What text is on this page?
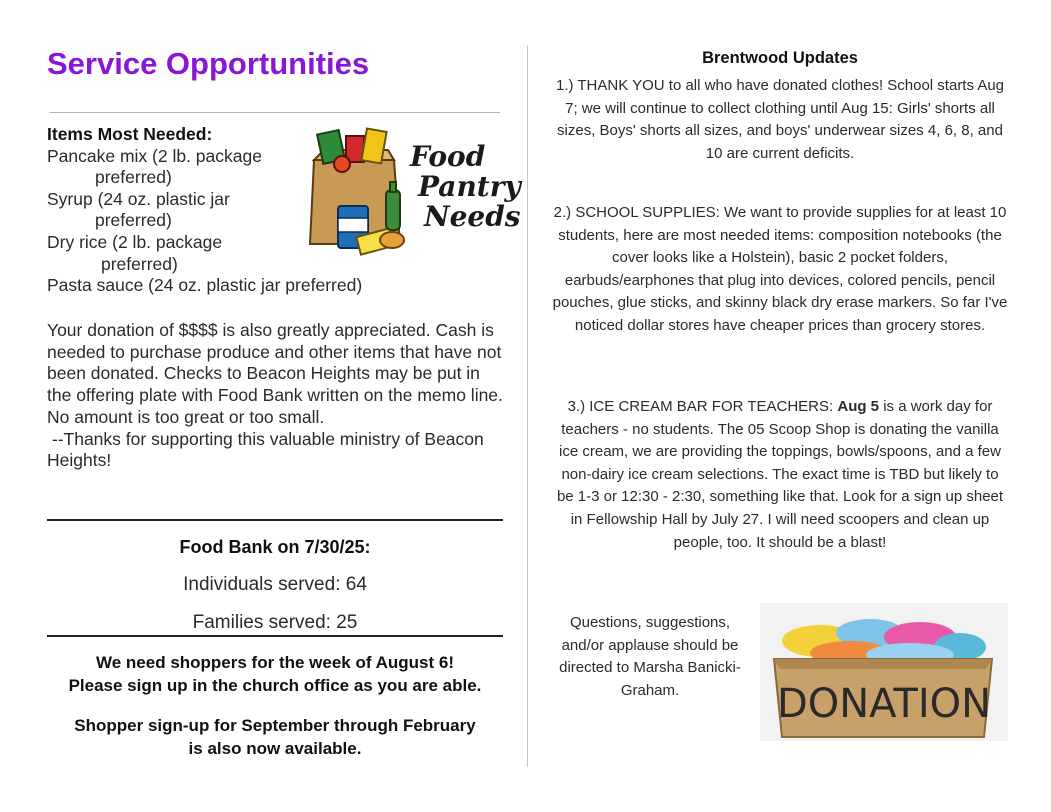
Service Opportunities
Items Most Needed:
Pancake mix (2 lb. package
preferred)
Syrup (24 oz. plastic jar
preferred)
Dry rice (2 lb. package
preferred)
Pasta sauce (24 oz. plastic jar preferred)
Food
Pantry
Needs
Your donation of $$$$ is also greatly appreciated. Cash is needed to purchase produce and other items that have not been donated. Checks to Beacon Heights may be put in the offering plate with Food Bank written on the memo line. No amount is too great or too small.
--Thanks for supporting this valuable ministry of Beacon Heights!
Food Bank on 7/30/25:
Individuals served: 64
Families served: 25
We need shoppers for the week of August 6!
Please sign up in the church office as you are able.
Shopper sign-up for September through February
is also now available.
Brentwood Updates
1.) THANK YOU to all who have donated clothes! School starts Aug 7; we will continue to collect clothing until Aug 15: Girls' shorts all sizes, Boys' shorts all sizes, and boys' underwear sizes 4, 6, 8, and 10 are current deficits.
2.) SCHOOL SUPPLIES: We want to provide supplies for at least 10 students, here are most needed items: composition notebooks (the cover looks like a Holstein), basic 2 pocket folders, earbuds/earphones that plug into devices, colored pencils, pencil pouches, glue sticks, and skinny black dry erase markers. So far I've noticed dollar stores have cheaper prices than grocery stores.
3.) ICE CREAM BAR FOR TEACHERS: Aug 5 is a work day for teachers - no students. The 05 Scoop Shop is donating the vanilla ice cream, we are providing the toppings, bowls/spoons, and a few non-dairy ice cream selections. The exact time is TBD but likely to be 1-3 or 12:30 - 2:30, something like that. Look for a sign up sheet in Fellowship Hall by July 27. I will need scoopers and clean up people, too. It should be a blast!
Questions, suggestions, and/or applause should be directed to Marsha Banicki-Graham.	DONATION
